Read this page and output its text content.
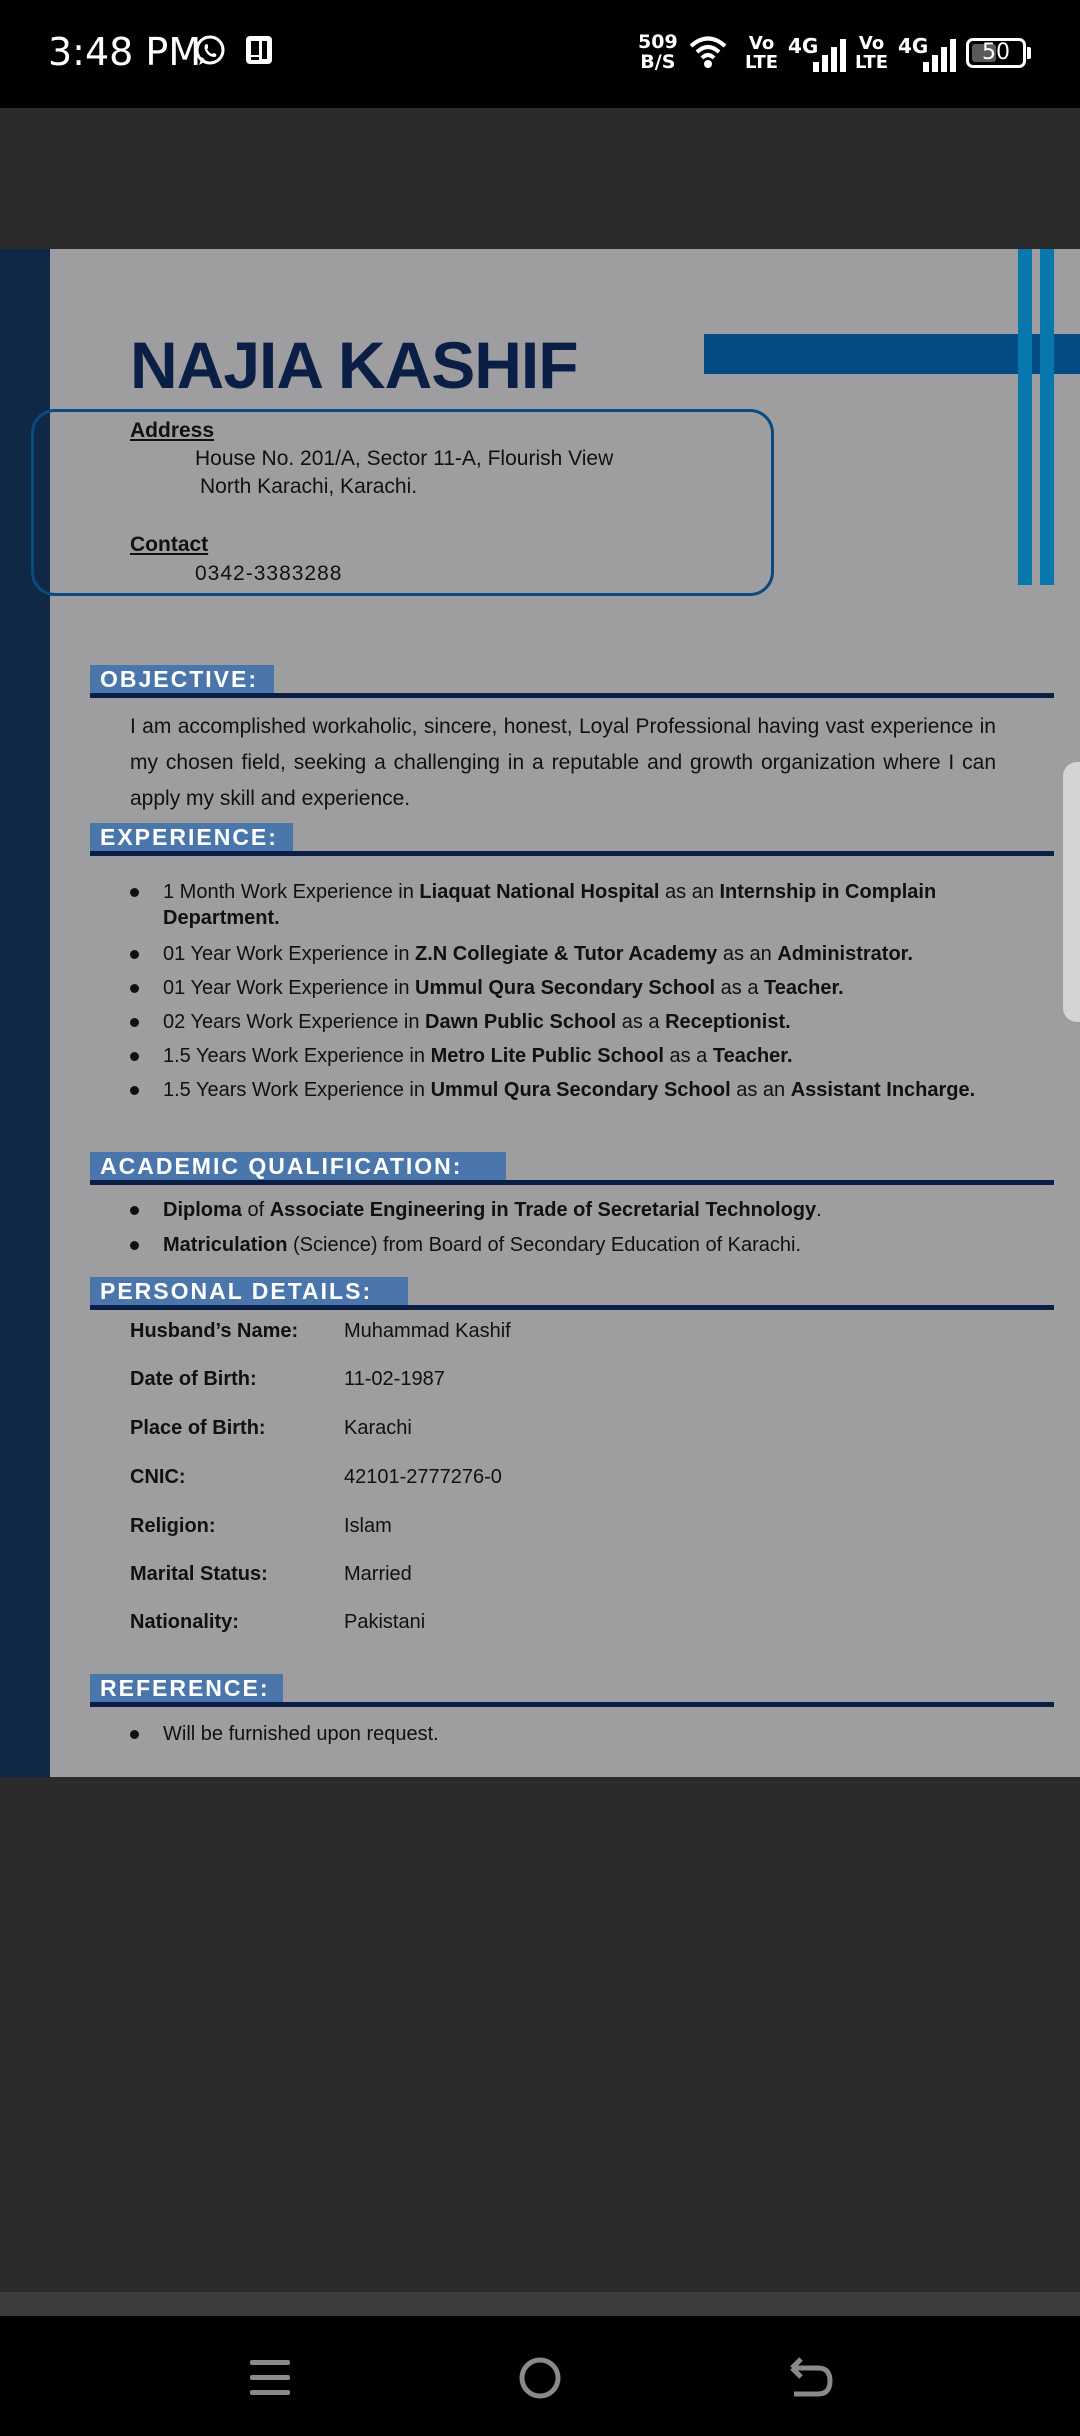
3:48 PM	509
B/S
Vo
LTE
4G Vo
LTE
4G	50
NAJIA KASHIF
Address
House No. 201/A, Sector 11-A, Flourish View
North Karachi, Karachi.
Contact
0342-3383288
OBJECTIVE:
I am accomplished workaholic, sincere, honest, Loyal Professional having vast experience in my chosen field, seeking a challenging in a reputable and growth organization where I can apply my skill and experience.
EXPERIENCE:
1 Month Work Experience in Liaquat National Hospital as an Internship in Complain Department.
01 Year Work Experience in Z.N Collegiate & Tutor Academy as an Administrator.
01 Year Work Experience in Ummul Qura Secondary School as a Teacher.
02 Years Work Experience in Dawn Public School as a Receptionist.
1.5 Years Work Experience in Metro Lite Public School as a Teacher.
1.5 Years Work Experience in Ummul Qura Secondary School as an Assistant Incharge.
ACADEMIC QUALIFICATION:
Diploma of Associate Engineering in Trade of Secretarial Technology.
Matriculation (Science) from Board of Secondary Education of Karachi.
PERSONAL DETAILS:
Husband’s Name: Muhammad Kashif
Date of Birth:	11-02-1987
Place of Birth:	Karachi
CNIC:	42101-2777276-0
Religion:	Islam
Marital Status:	Married
Nationality:	Pakistani
REFERENCE:
Will be furnished upon request.
